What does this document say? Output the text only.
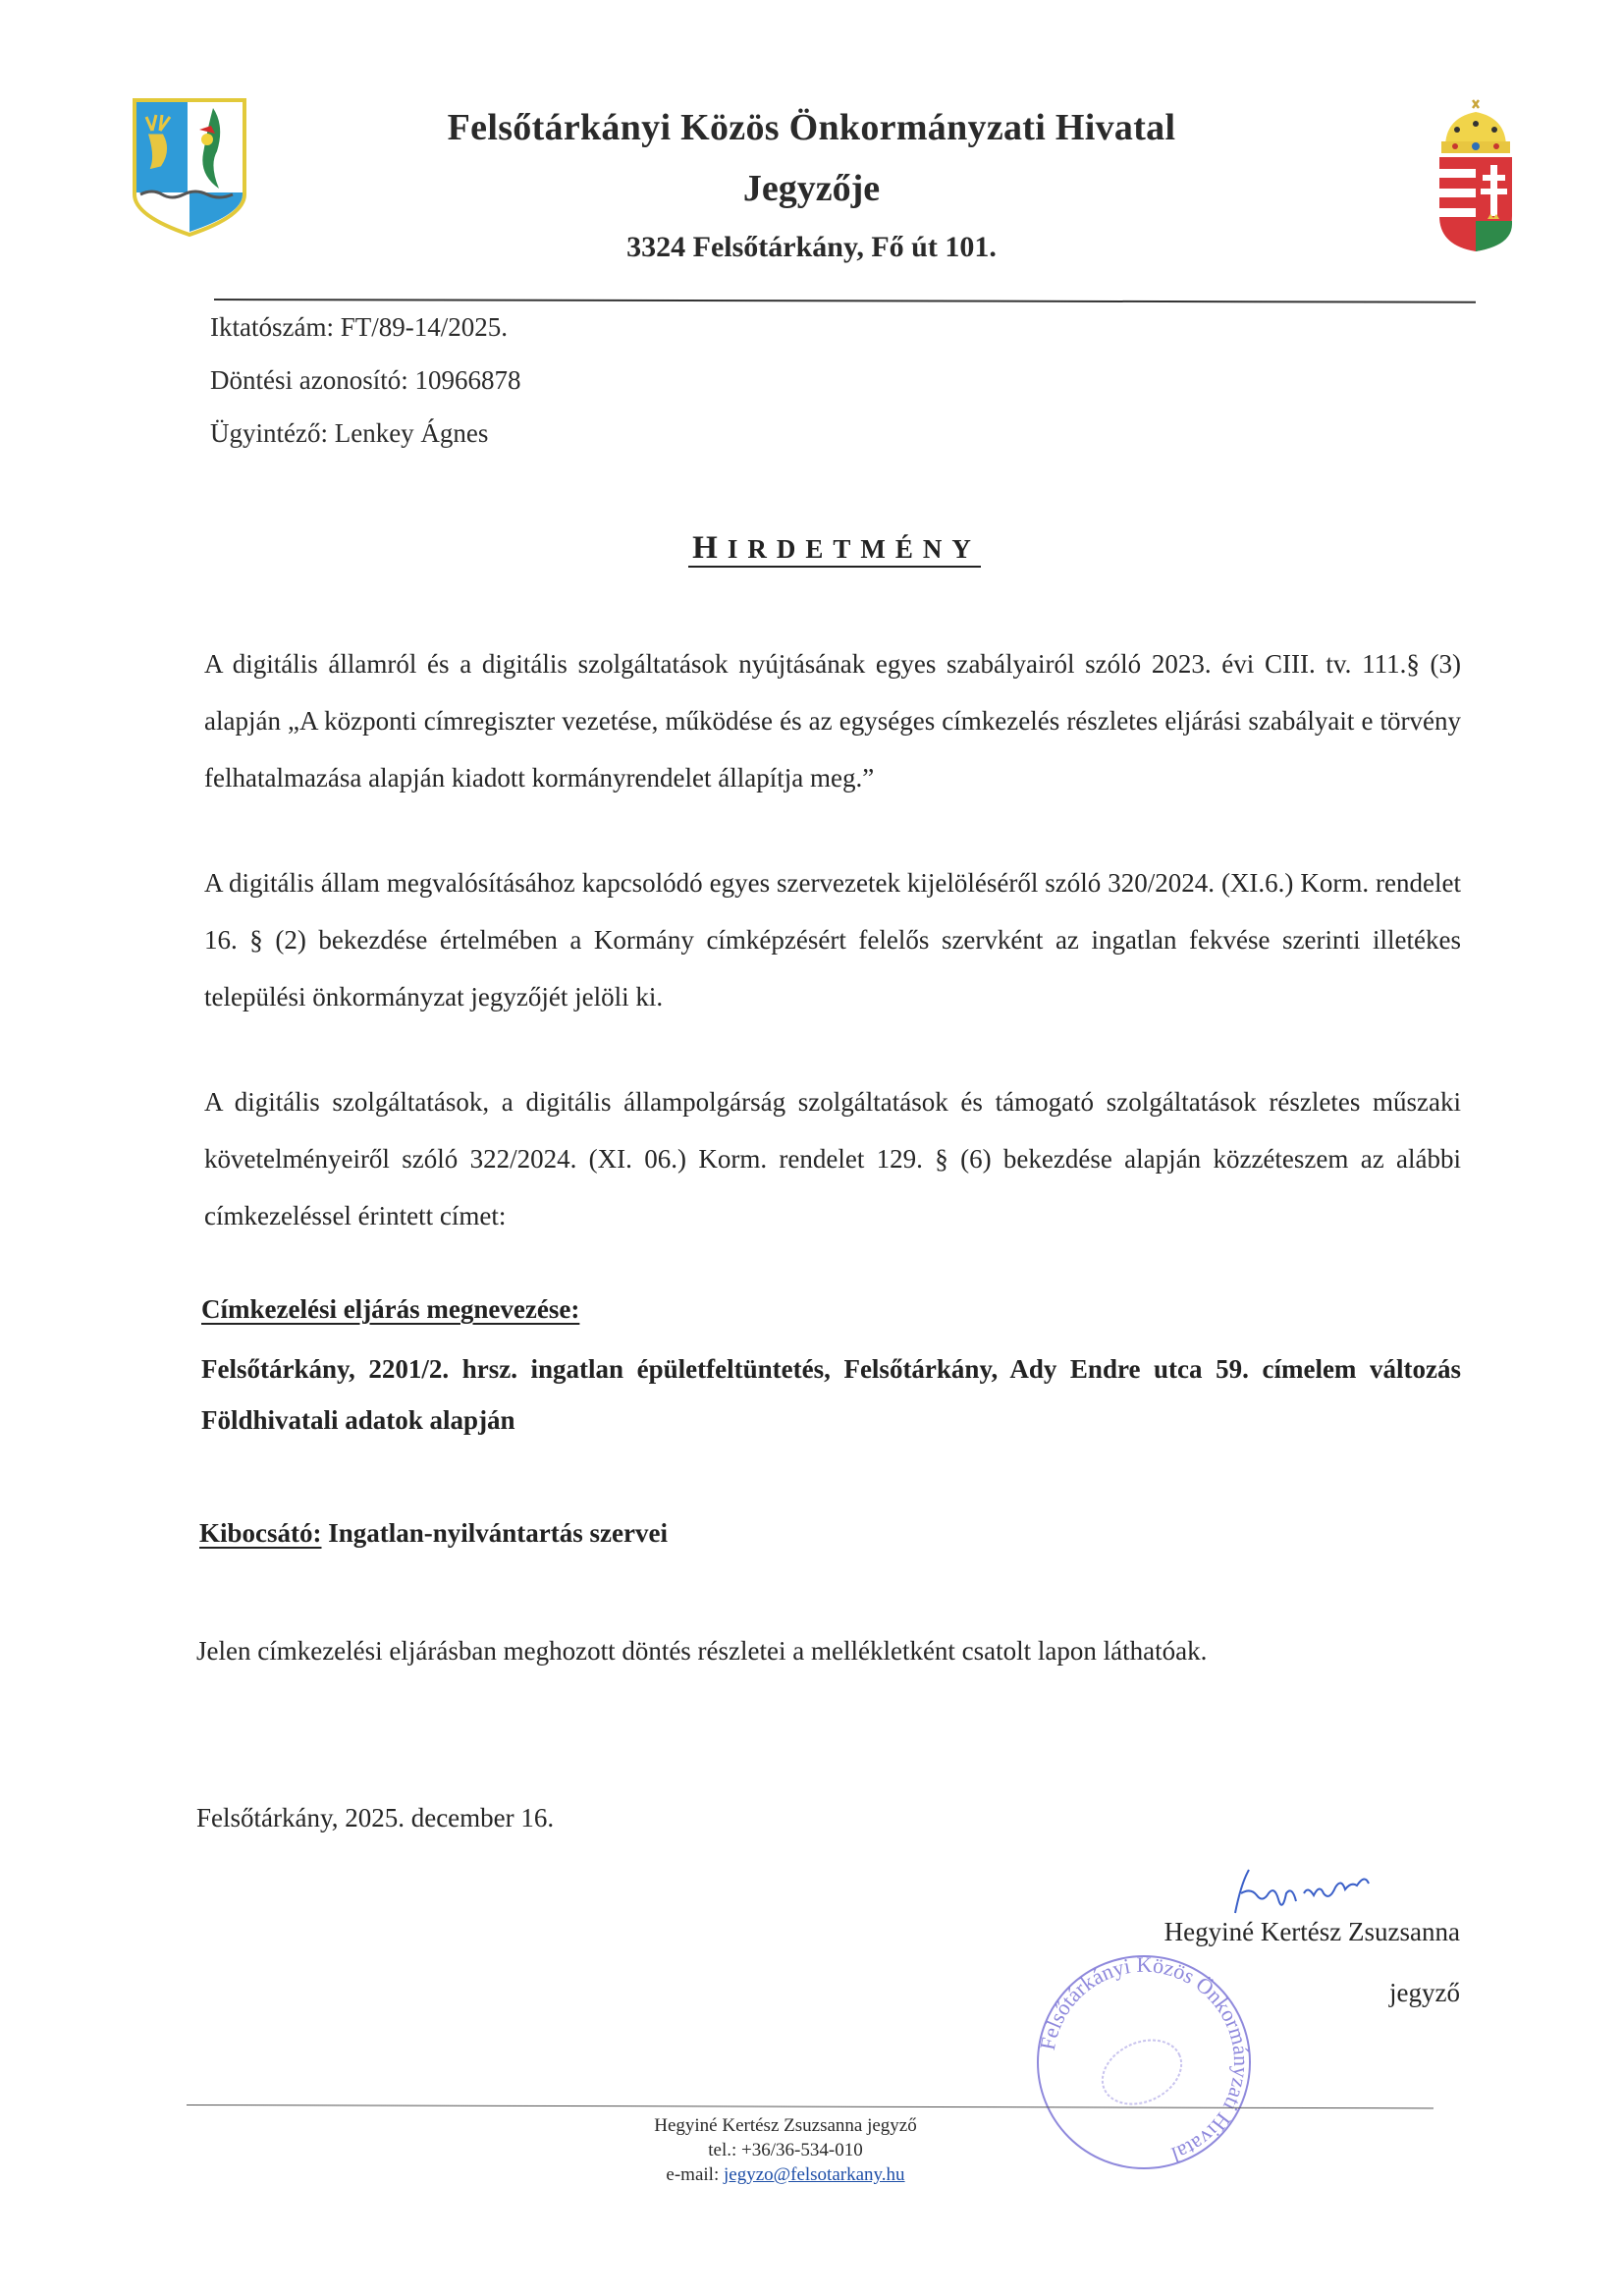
Felsőtárkányi Közös Önkormányzati Hivatal
Jegyzője
3324 Felsőtárkány, Fő út 101.
Iktatószám: FT/89-14/2025.
Döntési azonosító: 10966878
Ügyintéző: Lenkey Ágnes
HIRDETMÉNY
A digitális államról és a digitális szolgáltatások nyújtásának egyes szabályairól szóló 2023. évi CIII. tv. 111.§ (3) alapján „A központi címregiszter vezetése, működése és az egységes címkezelés részletes eljárási szabályait e törvény felhatalmazása alapján kiadott kormányrendelet állapítja meg.”
A digitális állam megvalósításához kapcsolódó egyes szervezetek kijelöléséről szóló 320/2024. (XI.6.) Korm. rendelet 16. § (2) bekezdése értelmében a Kormány címképzésért felelős szervként az ingatlan fekvése szerinti illetékes települési önkormányzat jegyzőjét jelöli ki.
A digitális szolgáltatások, a digitális állampolgárság szolgáltatások és támogató szolgáltatások részletes műszaki követelményeiről szóló 322/2024. (XI. 06.) Korm. rendelet 129. § (6) bekezdése alapján közzéteszem az alábbi címkezeléssel érintett címet:
Címkezelési eljárás megnevezése:
Felsőtárkány, 2201/2. hrsz. ingatlan épületfeltüntetés, Felsőtárkány, Ady Endre utca 59. címelem változás Földhivatali adatok alapján
Kibocsátó: Ingatlan-nyilvántartás szervei
Jelen címkezelési eljárásban meghozott döntés részletei a mellékletként csatolt lapon láthatóak.
Felsőtárkány, 2025. december 16.
Felsőtárkányi Közös Önkormányzati Hivatal
Hegyiné Kertész Zsuzsanna
jegyző
Hegyiné Kertész Zsuzsanna jegyző
tel.: +36/36-534-010
e-mail: jegyzo@felsotarkany.hu
